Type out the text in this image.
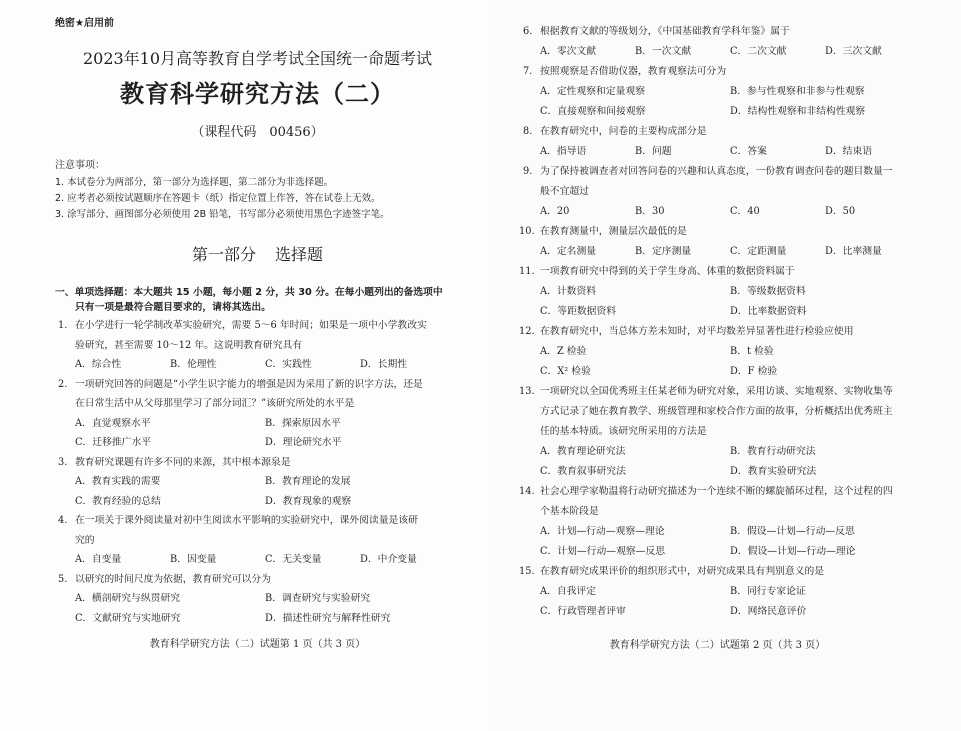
绝密★启用前
2023年10月高等教育自学考试全国统一命题考试
教育科学研究方法（二）
（课程代码　00456）
注意事项：
1. 本试卷分为两部分，第一部分为选择题，第二部分为非选择题。
2. 应考者必须按试题顺序在答题卡（纸）指定位置上作答，答在试卷上无效。
3. 涂写部分、画图部分必须使用 2B 铅笔，书写部分必须使用黑色字迹签字笔。
第一部分 选择题
一、单项选择题：本大题共 15 小题，每小题 2 分，共 30 分。在每小题列出的备选项中
只有一项是最符合题目要求的，请将其选出。
1. 在小学进行一轮学制改革实验研究，需要 5～6 年时间；如果是一项中小学教改实
验研究，甚至需要 10～12 年。这说明教育研究具有
A．综合性	B．伦理性	C．实践性	D．长期性
2. 一项研究回答的问题是“小学生识字能力的增强是因为采用了新的识字方法，还是
在日常生活中从父母那里学习了部分词汇？”该研究所处的水平是
A．直觉观察水平	B．探索原因水平
C．迁移推广水平	D．理论研究水平
3. 教育研究课题有许多不同的来源，其中根本源泉是
A．教育实践的需要	B．教育理论的发展
C．教育经验的总结	D．教育现象的观察
4. 在一项关于课外阅读量对初中生阅读水平影响的实验研究中，课外阅读量是该研
究的
A．自变量	B．因变量	C．无关变量	D．中介变量
5. 以研究的时间尺度为依据，教育研究可以分为
A．横剖研究与纵贯研究	B．调查研究与实验研究
C．文献研究与实地研究	D．描述性研究与解释性研究
教育科学研究方法（二）试题第 1 页（共 3 页）
6. 根据教育文献的等级划分，《中国基础教育学科年鉴》属于
A．零次文献	B．一次文献	C．二次文献	D．三次文献
7. 按照观察是否借助仪器，教育观察法可分为
A．定性观察和定量观察	B．参与性观察和非参与性观察
C．直接观察和间接观察	D．结构性观察和非结构性观察
8. 在教育研究中，问卷的主要构成部分是
A．指导语	B．问题	C．答案	D．结束语
9. 为了保持被调查者对回答问卷的兴趣和认真态度，一份教育调查问卷的题目数量一
般不宜超过
A．20	B．30	C．40	D．50
10. 在教育测量中，测量层次最低的是
A．定名测量	B．定序测量	C．定距测量	D．比率测量
11. 一项教育研究中得到的关于学生身高、体重的数据资料属于
A．计数资料	B．等级数据资料
C．等距数据资料	D．比率数据资料
12. 在教育研究中，当总体方差未知时，对平均数差异显著性进行检验应使用
A．Z 检验	B．t 检验
C．X² 检验	D．F 检验
13. 一项研究以全国优秀班主任某老师为研究对象，采用访谈、实地观察、实物收集等
方式记录了她在教育教学、班级管理和家校合作方面的故事，分析概括出优秀班主
任的基本特质。该研究所采用的方法是
A．教育理论研究法	B．教育行动研究法
C．教育叙事研究法	D．教育实验研究法
14. 社会心理学家勒温将行动研究描述为一个连续不断的螺旋循环过程，这个过程的四
个基本阶段是
A．计划—行动—观察—理论	B．假设—计划—行动—反思
C．计划—行动—观察—反思	D．假设—计划—行动—理论
15. 在教育研究成果评价的组织形式中，对研究成果具有判别意义的是
A．自我评定	B．同行专家论证
C．行政管理者评审	D．网络民意评价
教育科学研究方法（二）试题第 2 页（共 3 页）
